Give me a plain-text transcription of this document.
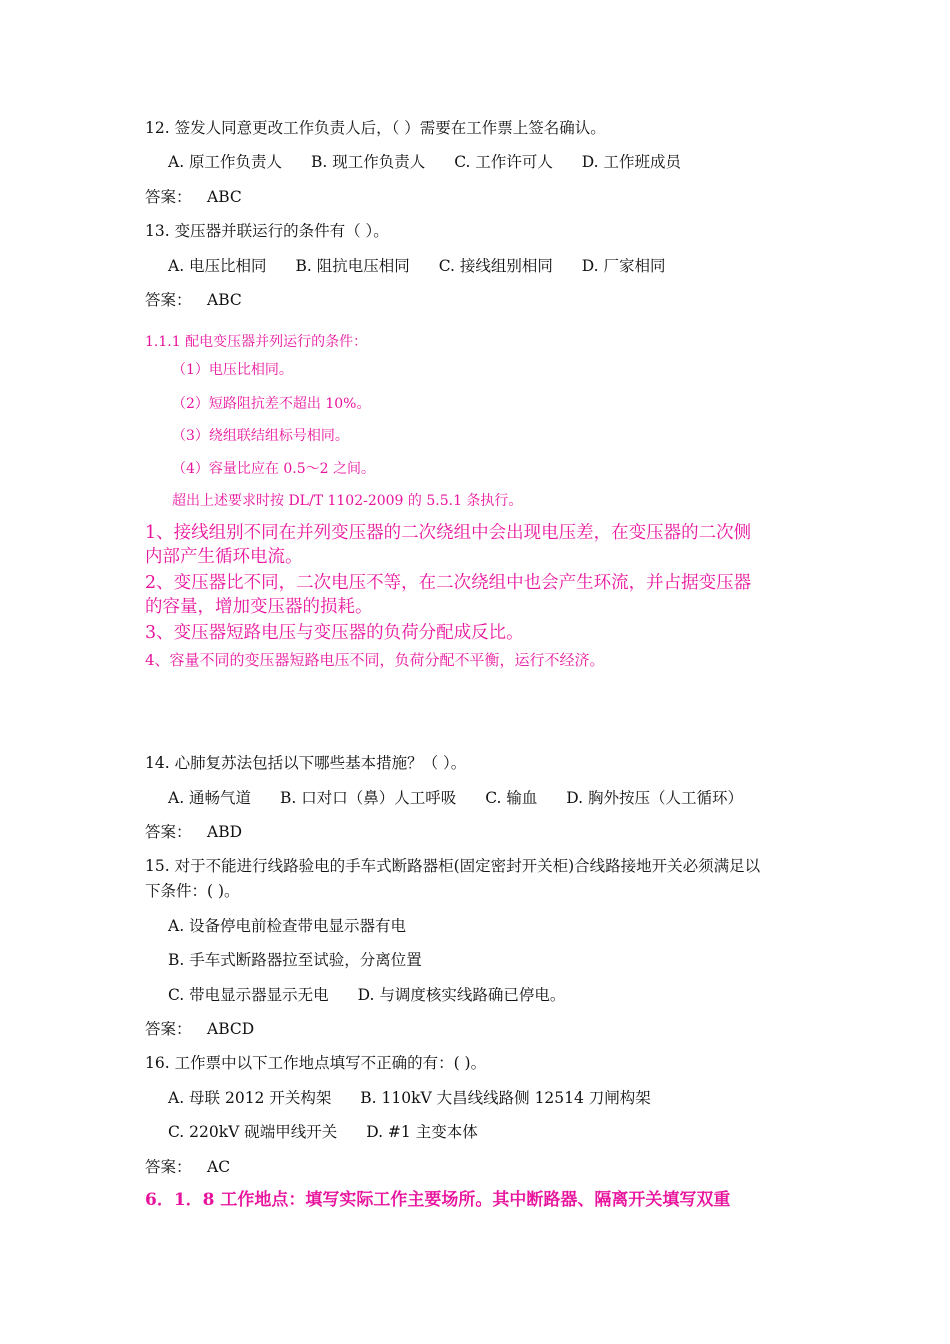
12. 签发人同意更改工作负责人后，（ ）需要在工作票上签名确认。
A. 原工作负责人 B. 现工作负责人 C. 工作许可人 D. 工作班成员
答案： ABC
13. 变压器并联运行的条件有（ ）。
A. 电压比相同 B. 阻抗电压相同 C. 接线组别相同 D. 厂家相同
答案： ABC
1.1.1 配电变压器并列运行的条件：
（1）电压比相同。
（2）短路阻抗差不超出 10%。
（3）绕组联结组标号相同。
（4）容量比应在 0.5～2 之间。
超出上述要求时按 DL/T 1102-2009 的 5.5.1 条执行。
1、接线组别不同在并列变压器的二次绕组中会出现电压差，在变压器的二次侧
内部产生循环电流。
2、变压器比不同，二次电压不等，在二次绕组中也会产生环流，并占据变压器
的容量，增加变压器的损耗。
3、变压器短路电压与变压器的负荷分配成反比。
4、容量不同的变压器短路电压不同，负荷分配不平衡，运行不经济。
14. 心肺复苏法包括以下哪些基本措施？（ ）。
A. 通畅气道 B. 口对口（鼻）人工呼吸 C. 输血 D. 胸外按压（人工循环）
答案： ABD
15. 对于不能进行线路验电的手车式断路器柜(固定密封开关柜)合线路接地开关必须满足以
下条件：( )。
A. 设备停电前检查带电显示器有电
B. 手车式断路器拉至试验，分离位置
C. 带电显示器显示无电 D. 与调度核实线路确已停电。
答案： ABCD
16. 工作票中以下工作地点填写不正确的有：( )。
A. 母联 2012 开关构架 B. 110kV 大昌线线路侧 12514 刀闸构架
C. 220kV 砚端甲线开关 D. #1 主变本体
答案： AC
6．1．8 工作地点：填写实际工作主要场所。其中断路器、隔离开关填写双重
